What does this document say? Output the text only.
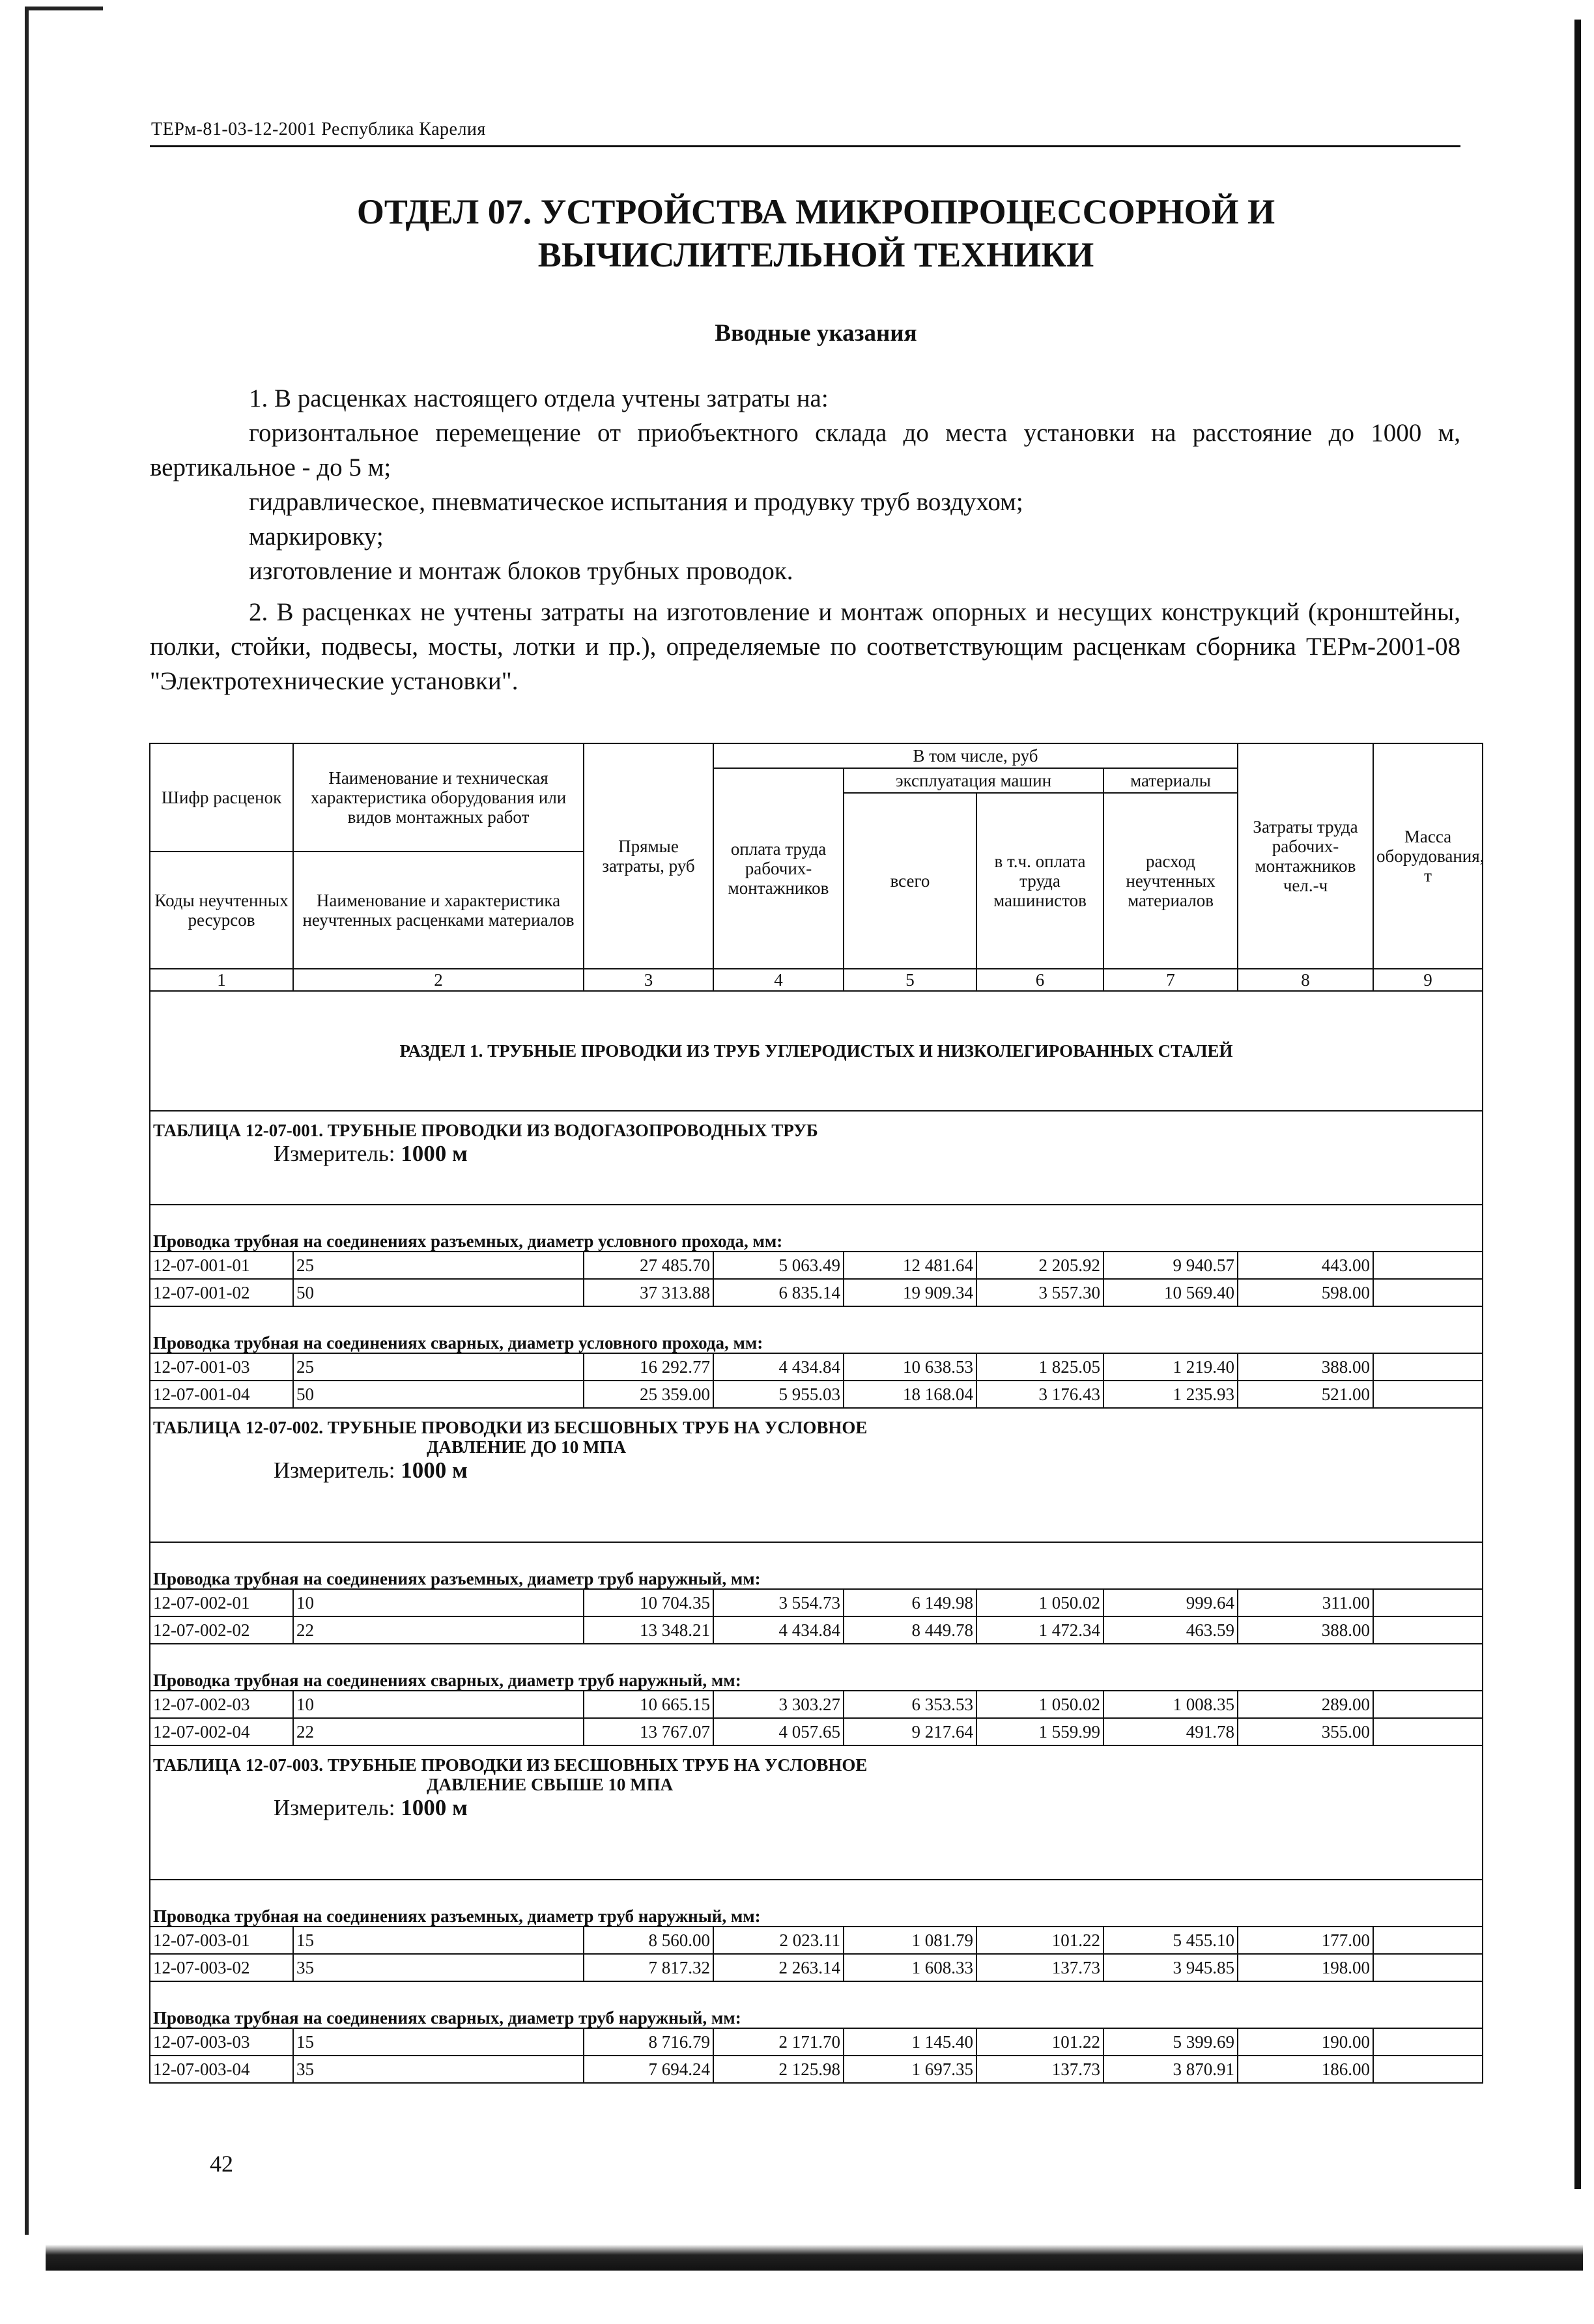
ТЕРм-81-03-12-2001 Республика Карелия
ОТДЕЛ 07. УСТРОЙСТВА МИКРОПРОЦЕССОРНОЙ И
ВЫЧИСЛИТЕЛЬНОЙ ТЕХНИКИ
Вводные указания

1. В расценках настоящего отдела учтены затраты на:

горизонтальное перемещение от приобъектного склада до места установки на расстояние до 1000 м, вертикальное - до 5 м;

гидравлическое, пневматическое испытания и продувку труб воздухом;

маркировку;

изготовление и монтаж блоков трубных проводок.

2. В расценках не учтены затраты на изготовление и монтаж опорных и несущих конструкций (кронштейны, полки, стойки, подвесы, мосты, лотки и пр.), определяемые по соответствующим расценкам сборника ТЕРм-2001-08 "Электротехнические установки".

Шифр расценок	Наименование и техническая характеристика оборудования или видов монтажных работ	Прямые затраты, руб	В том числе, руб				Затраты труда рабочих-монтажников чел.-ч	Масса оборудования, т
			оплата труда рабочих-монтажников	эксплуатация машин		материалы		
				всего	в т.ч. оплата труда машинистов	расход неучтенных материалов		
Коды неучтенных ресурсов	Наименование и характеристика неучтенных расценками материалов							

1	2	3	4	5	6	7	8	9
РАЗДЕЛ 1. ТРУБНЫЕ ПРОВОДКИ ИЗ ТРУБ УГЛЕРОДИСТЫХ И НИЗКОЛЕГИРОВАННЫХ СТАЛЕЙ								

ТАБЛИЦА 12-07-001. ТРУБНЫЕ ПРОВОДКИ ИЗ ВОДОГАЗОПРОВОДНЫХ ТРУБ
Измеритель: 1000 м								

Проводка трубная на соединениях разъемных, диаметр условного прохода, мм:								
12-07-001-01	25	27 485.70	5 063.49	12 481.64	2 205.92	9 940.57	443.00	
12-07-001-02	50	37 313.88	6 835.14	19 909.34	3 557.30	10 569.40	598.00	
Проводка трубная на соединениях сварных, диаметр условного прохода, мм:								
12-07-001-03	25	16 292.77	4 434.84	10 638.53	1 825.05	1 219.40	388.00	
12-07-001-04	50	25 359.00	5 955.03	18 168.04	3 176.43	1 235.93	521.00	

ТАБЛИЦА 12-07-002. ТРУБНЫЕ ПРОВОДКИ ИЗ БЕСШОВНЫХ ТРУБ НА УСЛОВНОЕ
ДАВЛЕНИЕ ДО 10 МПА
Измеритель: 1000 м								

Проводка трубная на соединениях разъемных, диаметр труб наружный, мм:								
12-07-002-01	10	10 704.35	3 554.73	6 149.98	1 050.02	999.64	311.00	
12-07-002-02	22	13 348.21	4 434.84	8 449.78	1 472.34	463.59	388.00	
Проводка трубная на соединениях сварных, диаметр труб наружный, мм:								
12-07-002-03	10	10 665.15	3 303.27	6 353.53	1 050.02	1 008.35	289.00	
12-07-002-04	22	13 767.07	4 057.65	9 217.64	1 559.99	491.78	355.00	

ТАБЛИЦА 12-07-003. ТРУБНЫЕ ПРОВОДКИ ИЗ БЕСШОВНЫХ ТРУБ НА УСЛОВНОЕ
ДАВЛЕНИЕ СВЫШЕ 10 МПА
Измеритель: 1000 м								

Проводка трубная на соединениях разъемных, диаметр труб наружный, мм:								
12-07-003-01	15	8 560.00	2 023.11	1 081.79	101.22	5 455.10	177.00	
12-07-003-02	35	7 817.32	2 263.14	1 608.33	137.73	3 945.85	198.00	
Проводка трубная на соединениях сварных, диаметр труб наружный, мм:								
12-07-003-03	15	8 716.79	2 171.70	1 145.40	101.22	5 399.69	190.00	
12-07-003-04	35	7 694.24	2 125.98	1 697.35	137.73	3 870.91	186.00	
42
